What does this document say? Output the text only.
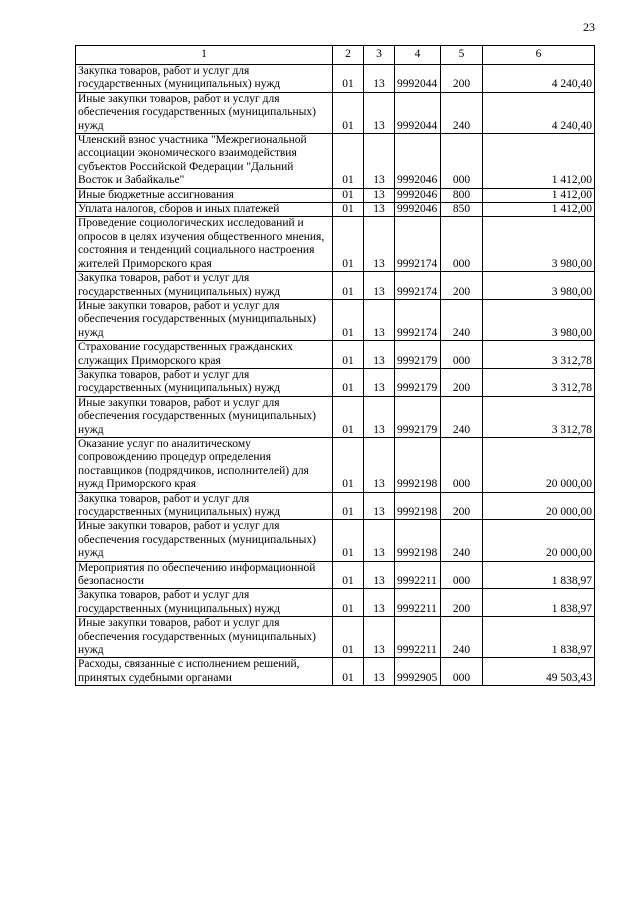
23
1	2	3	4	5	6
Закупка товаров, работ и услуг для государственных (муниципальных) нужд	01	13	9992044	200	4 240,40
Иные закупки товаров, работ и услуг для обеспечения государственных (муниципальных) нужд	01	13	9992044	240	4 240,40
Членский взнос участника "Межрегиональной ассоциации экономического взаимодействия субъектов Российской Федерации "Дальний Восток и Забайкалье"	01	13	9992046	000	1 412,00
Иные бюджетные ассигнования	01	13	9992046	800	1 412,00
Уплата налогов, сборов и иных платежей	01	13	9992046	850	1 412,00
Проведение социологических исследований и опросов в целях изучения общественного мнения, состояния и тенденций социального настроения жителей Приморского края	01	13	9992174	000	3 980,00
Закупка товаров, работ и услуг для государственных (муниципальных) нужд	01	13	9992174	200	3 980,00
Иные закупки товаров, работ и услуг для обеспечения государственных (муниципальных) нужд	01	13	9992174	240	3 980,00
Страхование государственных гражданских служащих Приморского края	01	13	9992179	000	3 312,78
Закупка товаров, работ и услуг для государственных (муниципальных) нужд	01	13	9992179	200	3 312,78
Иные закупки товаров, работ и услуг для обеспечения государственных (муниципальных) нужд	01	13	9992179	240	3 312,78
Оказание услуг по аналитическому сопровождению процедур определения поставщиков (подрядчиков, исполнителей) для нужд Приморского края	01	13	9992198	000	20 000,00
Закупка товаров, работ и услуг для государственных (муниципальных) нужд	01	13	9992198	200	20 000,00
Иные закупки товаров, работ и услуг для обеспечения государственных (муниципальных) нужд	01	13	9992198	240	20 000,00
Мероприятия по обеспечению информационной безопасности	01	13	9992211	000	1 838,97
Закупка товаров, работ и услуг для государственных (муниципальных) нужд	01	13	9992211	200	1 838,97
Иные закупки товаров, работ и услуг для обеспечения государственных (муниципальных) нужд	01	13	9992211	240	1 838,97
Расходы, связанные с исполнением решений, принятых судебными органами	01	13	9992905	000	49 503,43
